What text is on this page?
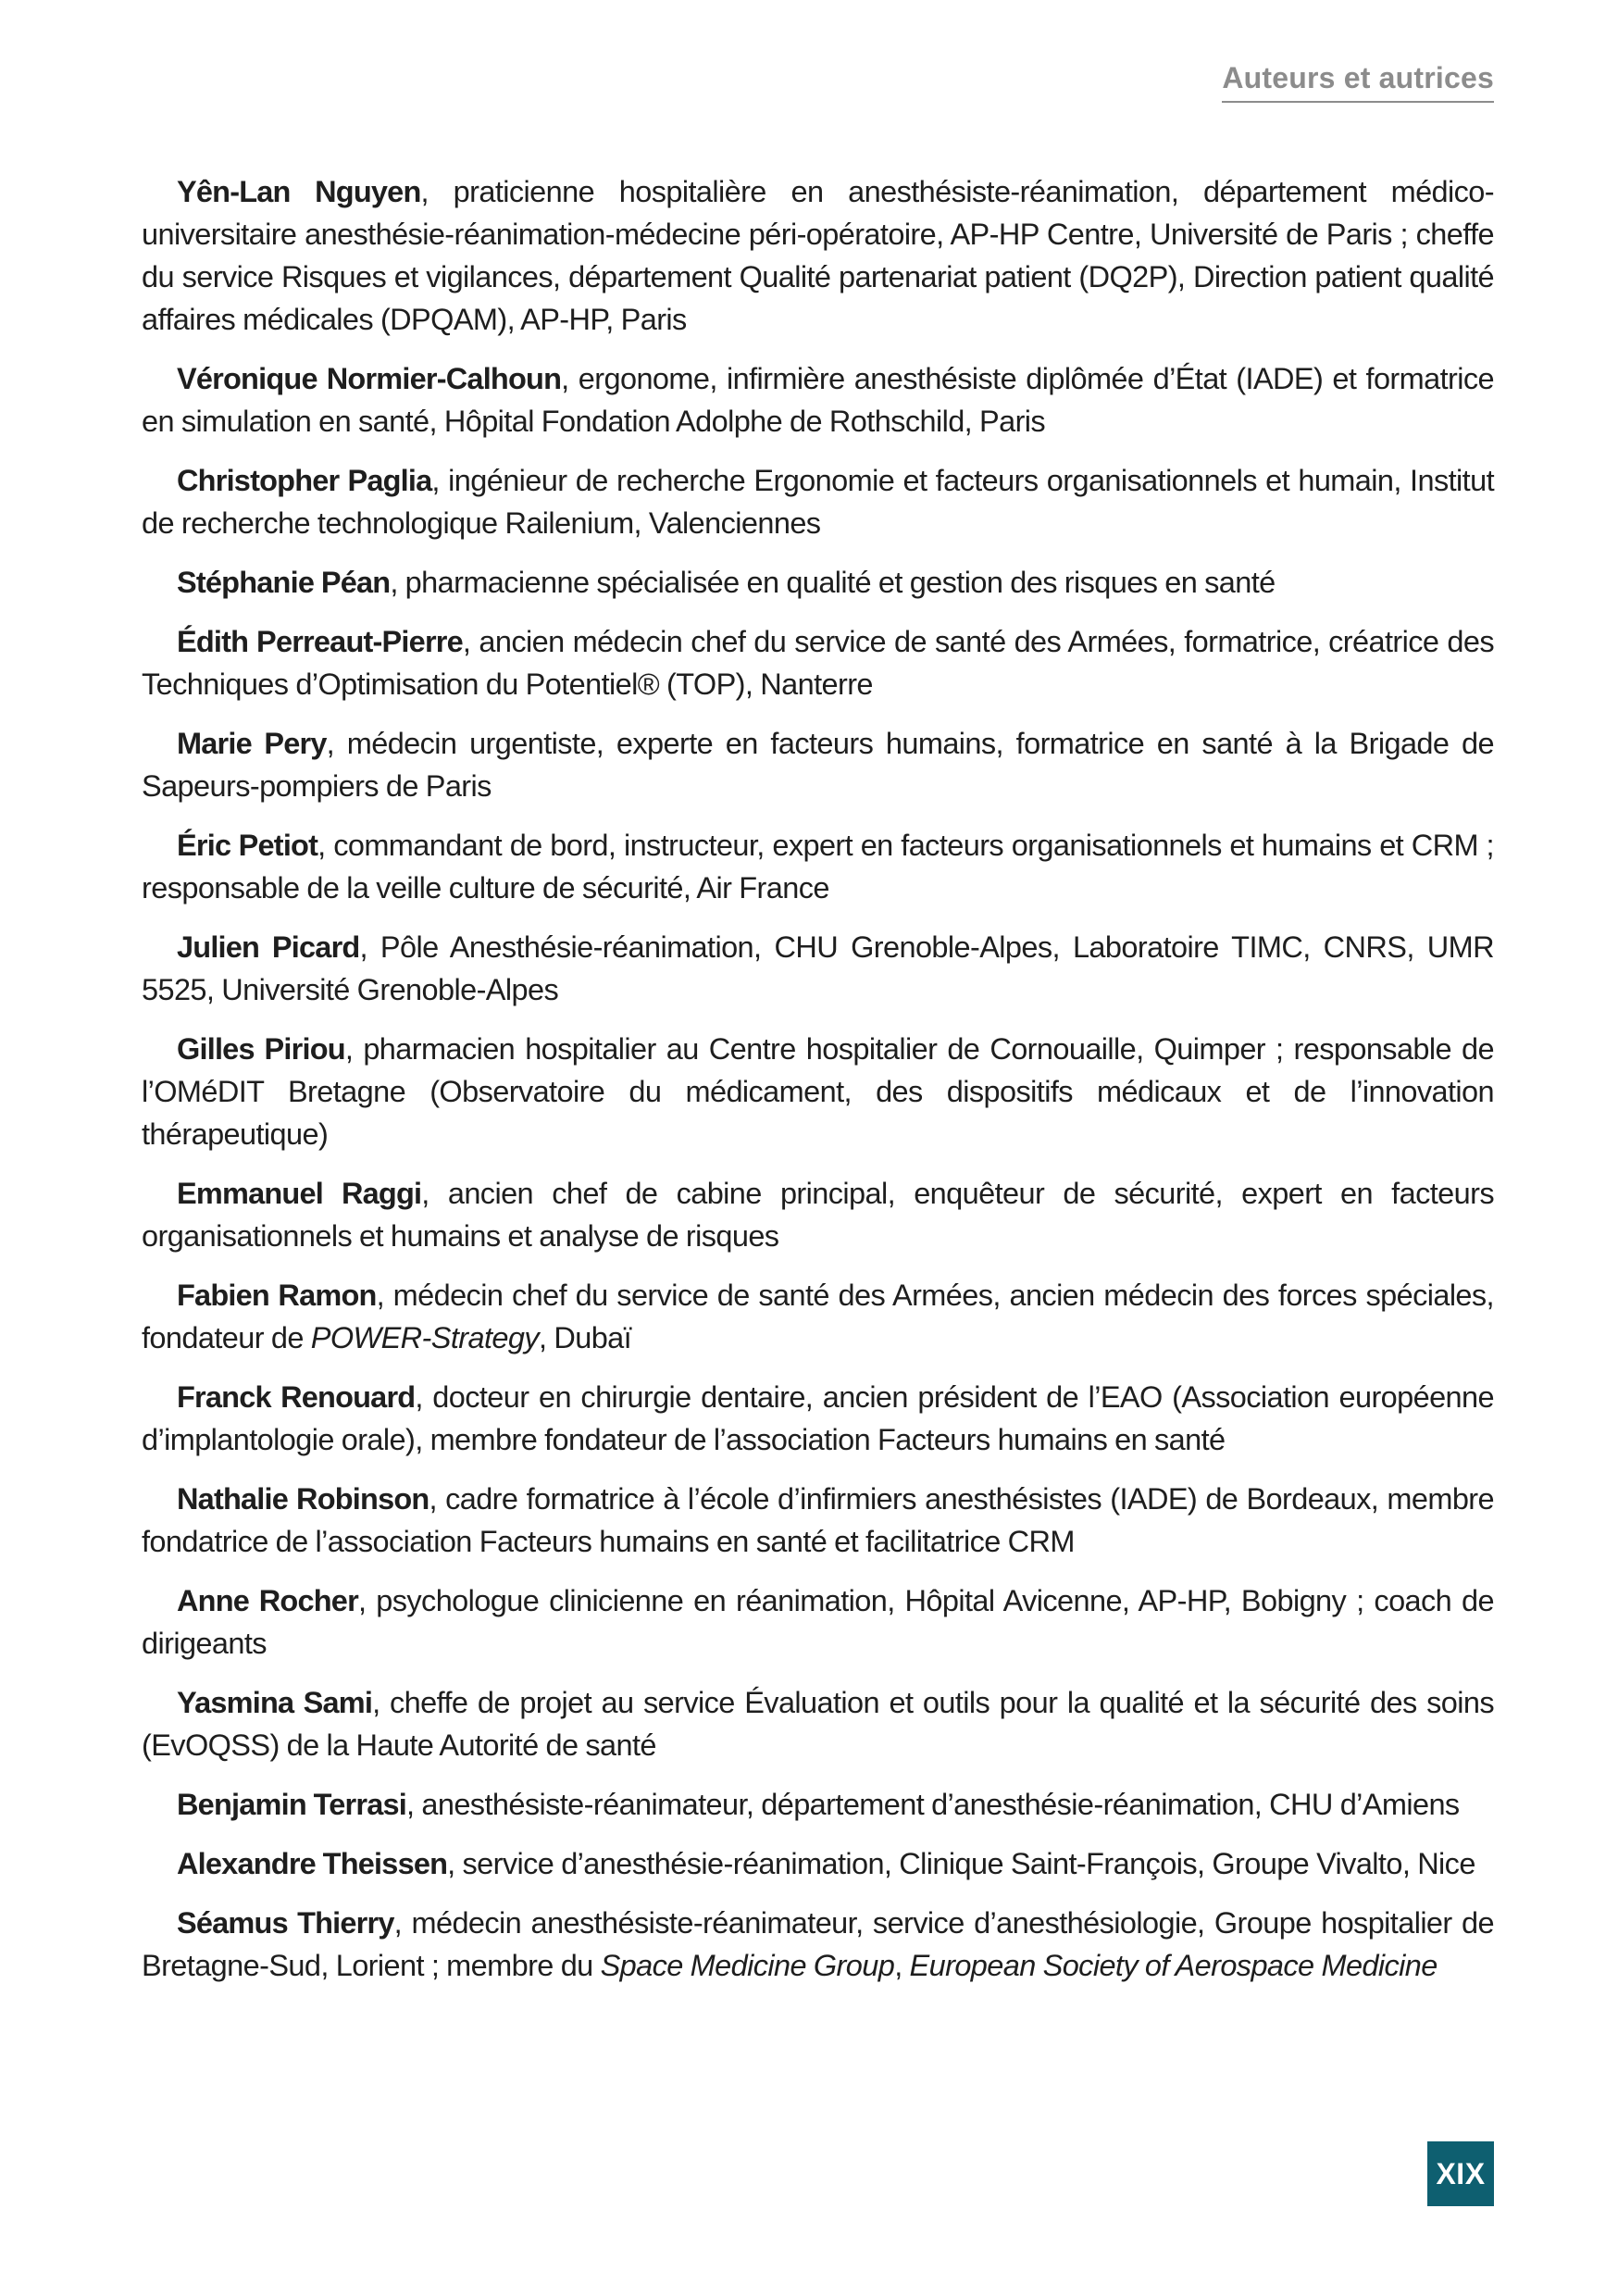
Auteurs et autrices

Yên-Lan Nguyen, praticienne hospitalière en anesthésiste-réanimation, département médico-universitaire anesthésie-réanimation-médecine péri-opératoire, AP-HP Centre, Université de Paris ; cheffe du service Risques et vigilances, département Qualité partenariat patient (DQ2P), Direction patient qualité affaires médicales (DPQAM), AP-HP, Paris

Véronique Normier-Calhoun, ergonome, infirmière anesthésiste diplômée d’État (IADE) et formatrice en simulation en santé, Hôpital Fondation Adolphe de Rothschild, Paris

Christopher Paglia, ingénieur de recherche Ergonomie et facteurs organisationnels et humain, Institut de recherche technologique Railenium, Valenciennes

Stéphanie Péan, pharmacienne spécialisée en qualité et gestion des risques en santé

Édith Perreaut-Pierre, ancien médecin chef du service de santé des Armées, formatrice, créatrice des Techniques d’Optimisation du Potentiel® (TOP), Nanterre

Marie Pery, médecin urgentiste, experte en facteurs humains, formatrice en santé à la Brigade de Sapeurs-pompiers de Paris

Éric Petiot, commandant de bord, instructeur, expert en facteurs organisationnels et humains et CRM ; responsable de la veille culture de sécurité, Air France

Julien Picard, Pôle Anesthésie-réanimation, CHU Grenoble-Alpes, Laboratoire TIMC, CNRS, UMR 5525, Université Grenoble-Alpes

Gilles Piriou, pharmacien hospitalier au Centre hospitalier de Cornouaille, Quimper ; responsable de l’OMéDIT Bretagne (Observatoire du médicament, des dispositifs médicaux et de l’innovation thérapeutique)

Emmanuel Raggi, ancien chef de cabine principal, enquêteur de sécurité, expert en facteurs organisationnels et humains et analyse de risques

Fabien Ramon, médecin chef du service de santé des Armées, ancien médecin des forces spéciales, fondateur de POWER-Strategy, Dubaï

Franck Renouard, docteur en chirurgie dentaire, ancien président de l’EAO (Association européenne d’implantologie orale), membre fondateur de l’association Facteurs humains en santé

Nathalie Robinson, cadre formatrice à l’école d’infirmiers anesthésistes (IADE) de Bordeaux, membre fondatrice de l’association Facteurs humains en santé et facilitatrice CRM

Anne Rocher, psychologue clinicienne en réanimation, Hôpital Avicenne, AP-HP, Bobigny ; coach de dirigeants

Yasmina Sami, cheffe de projet au service Évaluation et outils pour la qualité et la sécurité des soins (EvOQSS) de la Haute Autorité de santé

Benjamin Terrasi, anesthésiste-réanimateur, département d’anesthésie-réanimation, CHU d’Amiens

Alexandre Theissen, service d’anesthésie-réanimation, Clinique Saint-François, Groupe Vivalto, Nice

Séamus Thierry, médecin anesthésiste-réanimateur, service d’anesthésiologie, Groupe hospitalier de Bretagne-Sud, Lorient ; membre du Space Medicine Group, European Society of Aerospace Medicine

XIX
